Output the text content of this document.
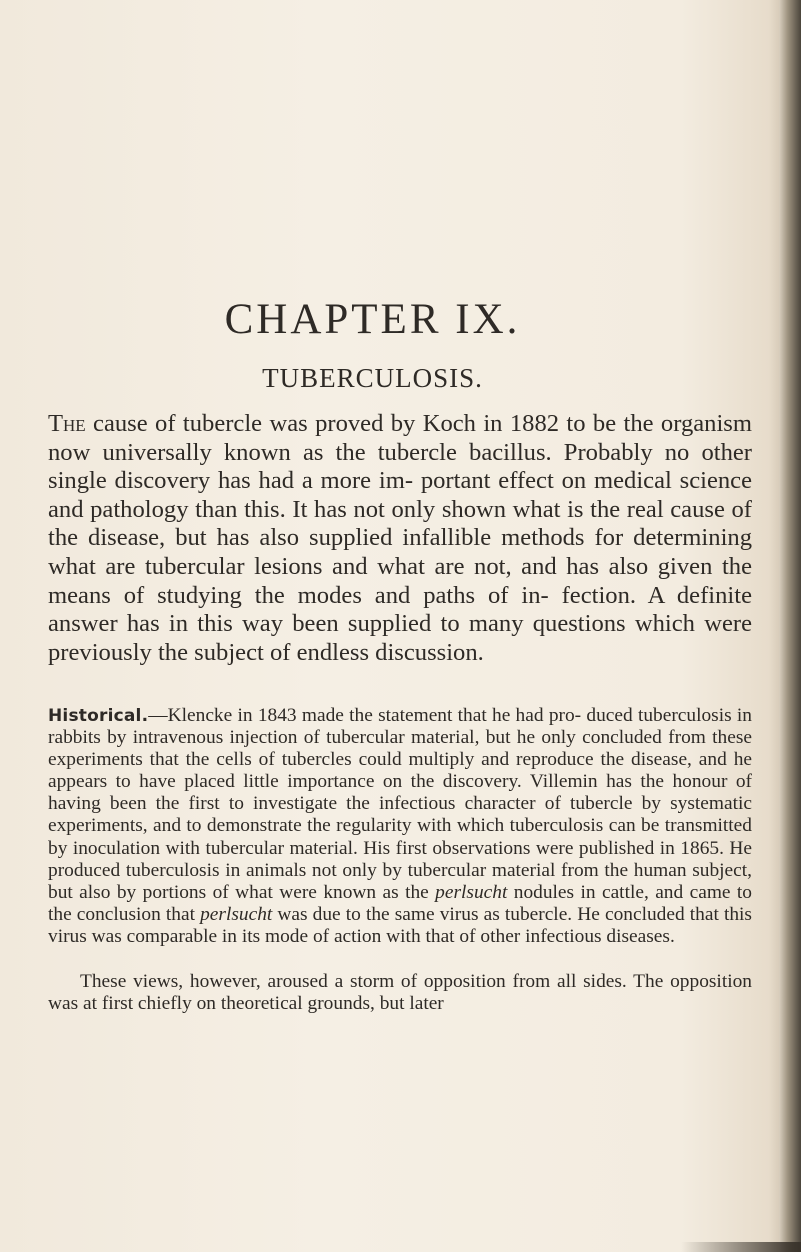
CHAPTER IX.
TUBERCULOSIS.

The cause of tubercle was proved by Koch in 1882 to be the organism now universally known as the tubercle bacillus. Probably no other single discovery has had a more im- portant effect on medical science and pathology than this. It has not only shown what is the real cause of the disease, but has also supplied infallible methods for determining what are tubercular lesions and what are not, and has also given the means of studying the modes and paths of in- fection. A definite answer has in this way been supplied to many questions which were previously the subject of endless discussion.

Historical.—Klencke in 1843 made the statement that he had pro- duced tuberculosis in rabbits by intravenous injection of tubercular material, but he only concluded from these experiments that the cells of tubercles could multiply and reproduce the disease, and he appears to have placed little importance on the discovery. Villemin has the honour of having been the first to investigate the infectious character of tubercle by systematic experiments, and to demonstrate the regularity with which tuberculosis can be transmitted by inoculation with tubercular material. His first observations were published in 1865. He produced tuberculosis in animals not only by tubercular material from the human subject, but also by portions of what were known as the perlsucht nodules in cattle, and came to the conclusion that perlsucht was due to the same virus as tubercle. He concluded that this virus was comparable in its mode of action with that of other infectious diseases.

These views, however, aroused a storm of opposition from all sides. The opposition was at first chiefly on theoretical grounds, but later
